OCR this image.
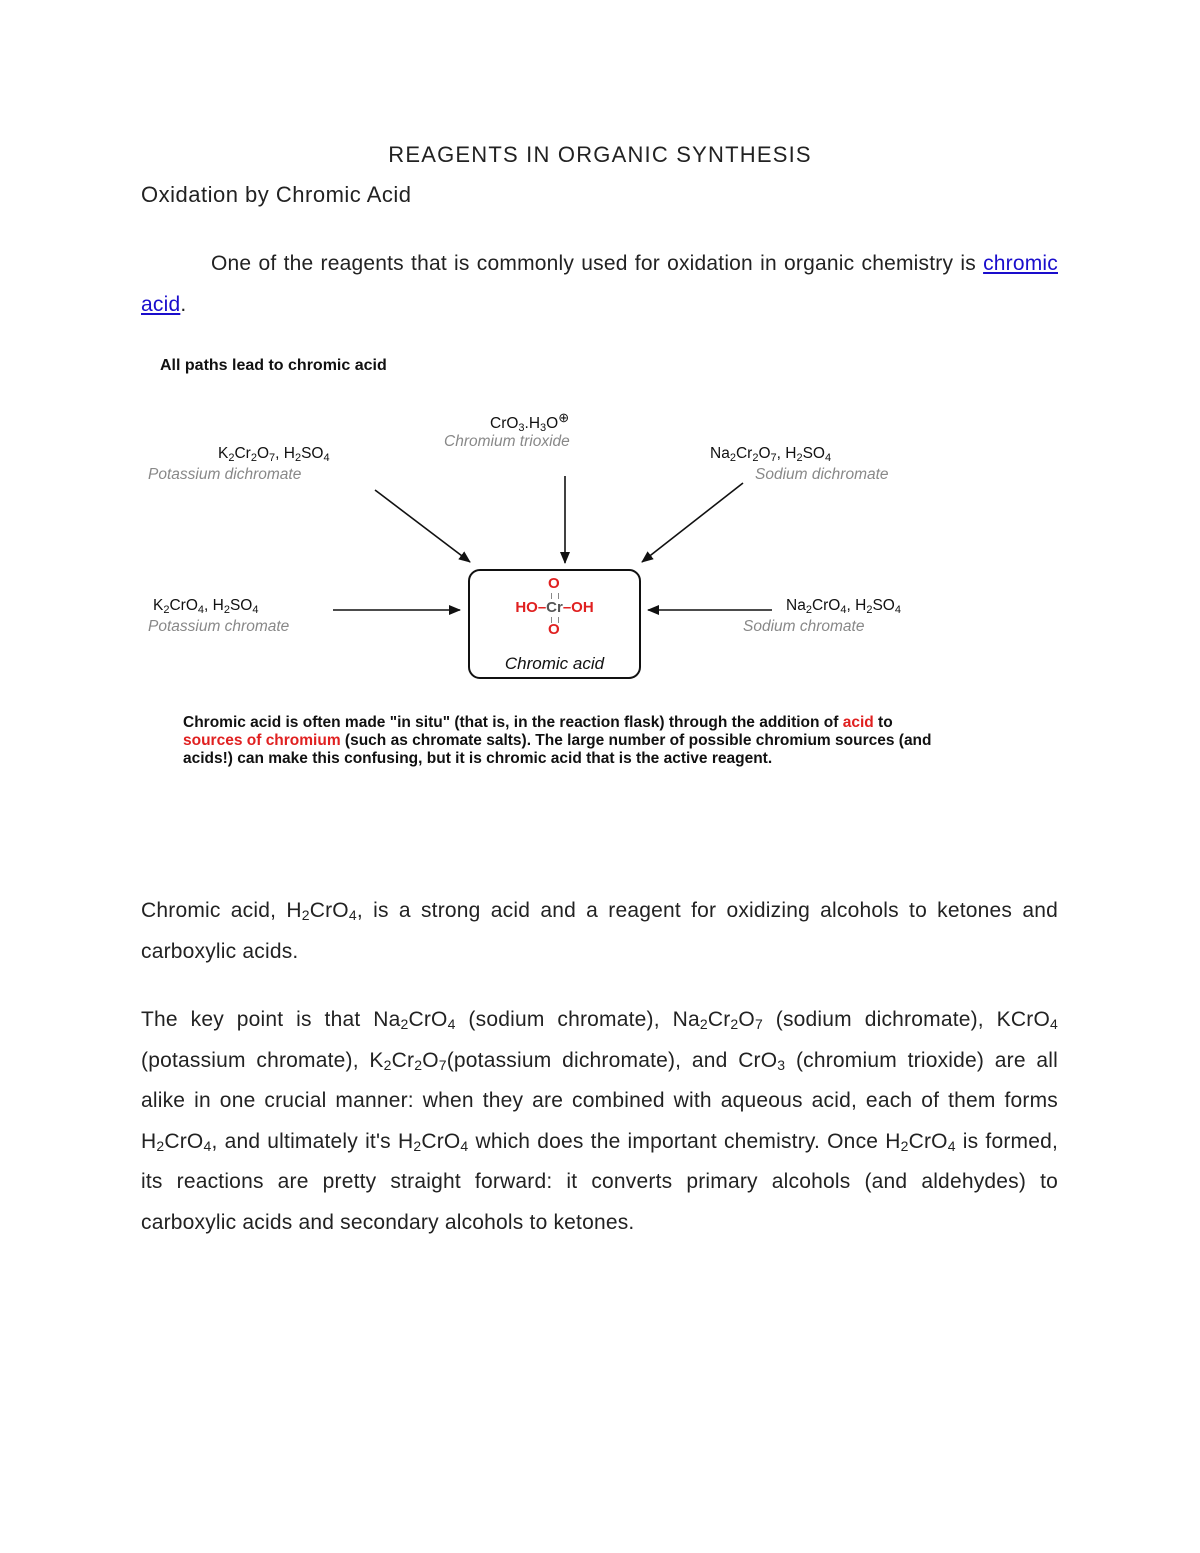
REAGENTS IN ORGANIC SYNTHESIS
Oxidation by Chromic Acid
One of the reagents that is commonly used for oxidation in organic chemistry is chromic acid.
All paths lead to chromic acid
$K_2Cr_2O_7$, $H_2SO_4$
Potassium dichromate
$CrO_3.H_3O^\oplus$
Chromium trioxide
$Na_2Cr_2O_7$, $H_2SO_4$
Sodium dichromate
$K_2CrO_4$, $H_2SO_4$
Potassium chromate
$Na_2CrO_4$, $H_2SO_4$
Sodium chromate
O
HO–Cr–OH
O
Chromic acid
Chromic acid is often made "in situ" (that is, in the reaction flask) through the addition of acid to sources of chromium (such as chromate salts). The large number of possible chromium sources (and acids!) can make this confusing, but it is chromic acid that is the active reagent.
Chromic acid, $H_2CrO_4$, is a strong acid and a reagent for oxidizing alcohols to ketones and carboxylic acids.
The key point is that $Na_2CrO_4$ (sodium chromate), $Na_2Cr_2O_7$ (sodium dichromate), KCrO$_4$ (potassium chromate), $K_2Cr_2O_7(potassium$ dichromate), and CrO$_3$ (chromium trioxide) are all alike in one crucial manner: when they are combined with aqueous acid, each of them forms $H_2CrO_4$, and ultimately it's $H_2CrO_4$ which does the important chemistry. Once $H_2CrO_4$ is formed, its reactions are pretty straight forward: it converts primary alcohols (and aldehydes) to carboxylic acids and secondary alcohols to ketones.
